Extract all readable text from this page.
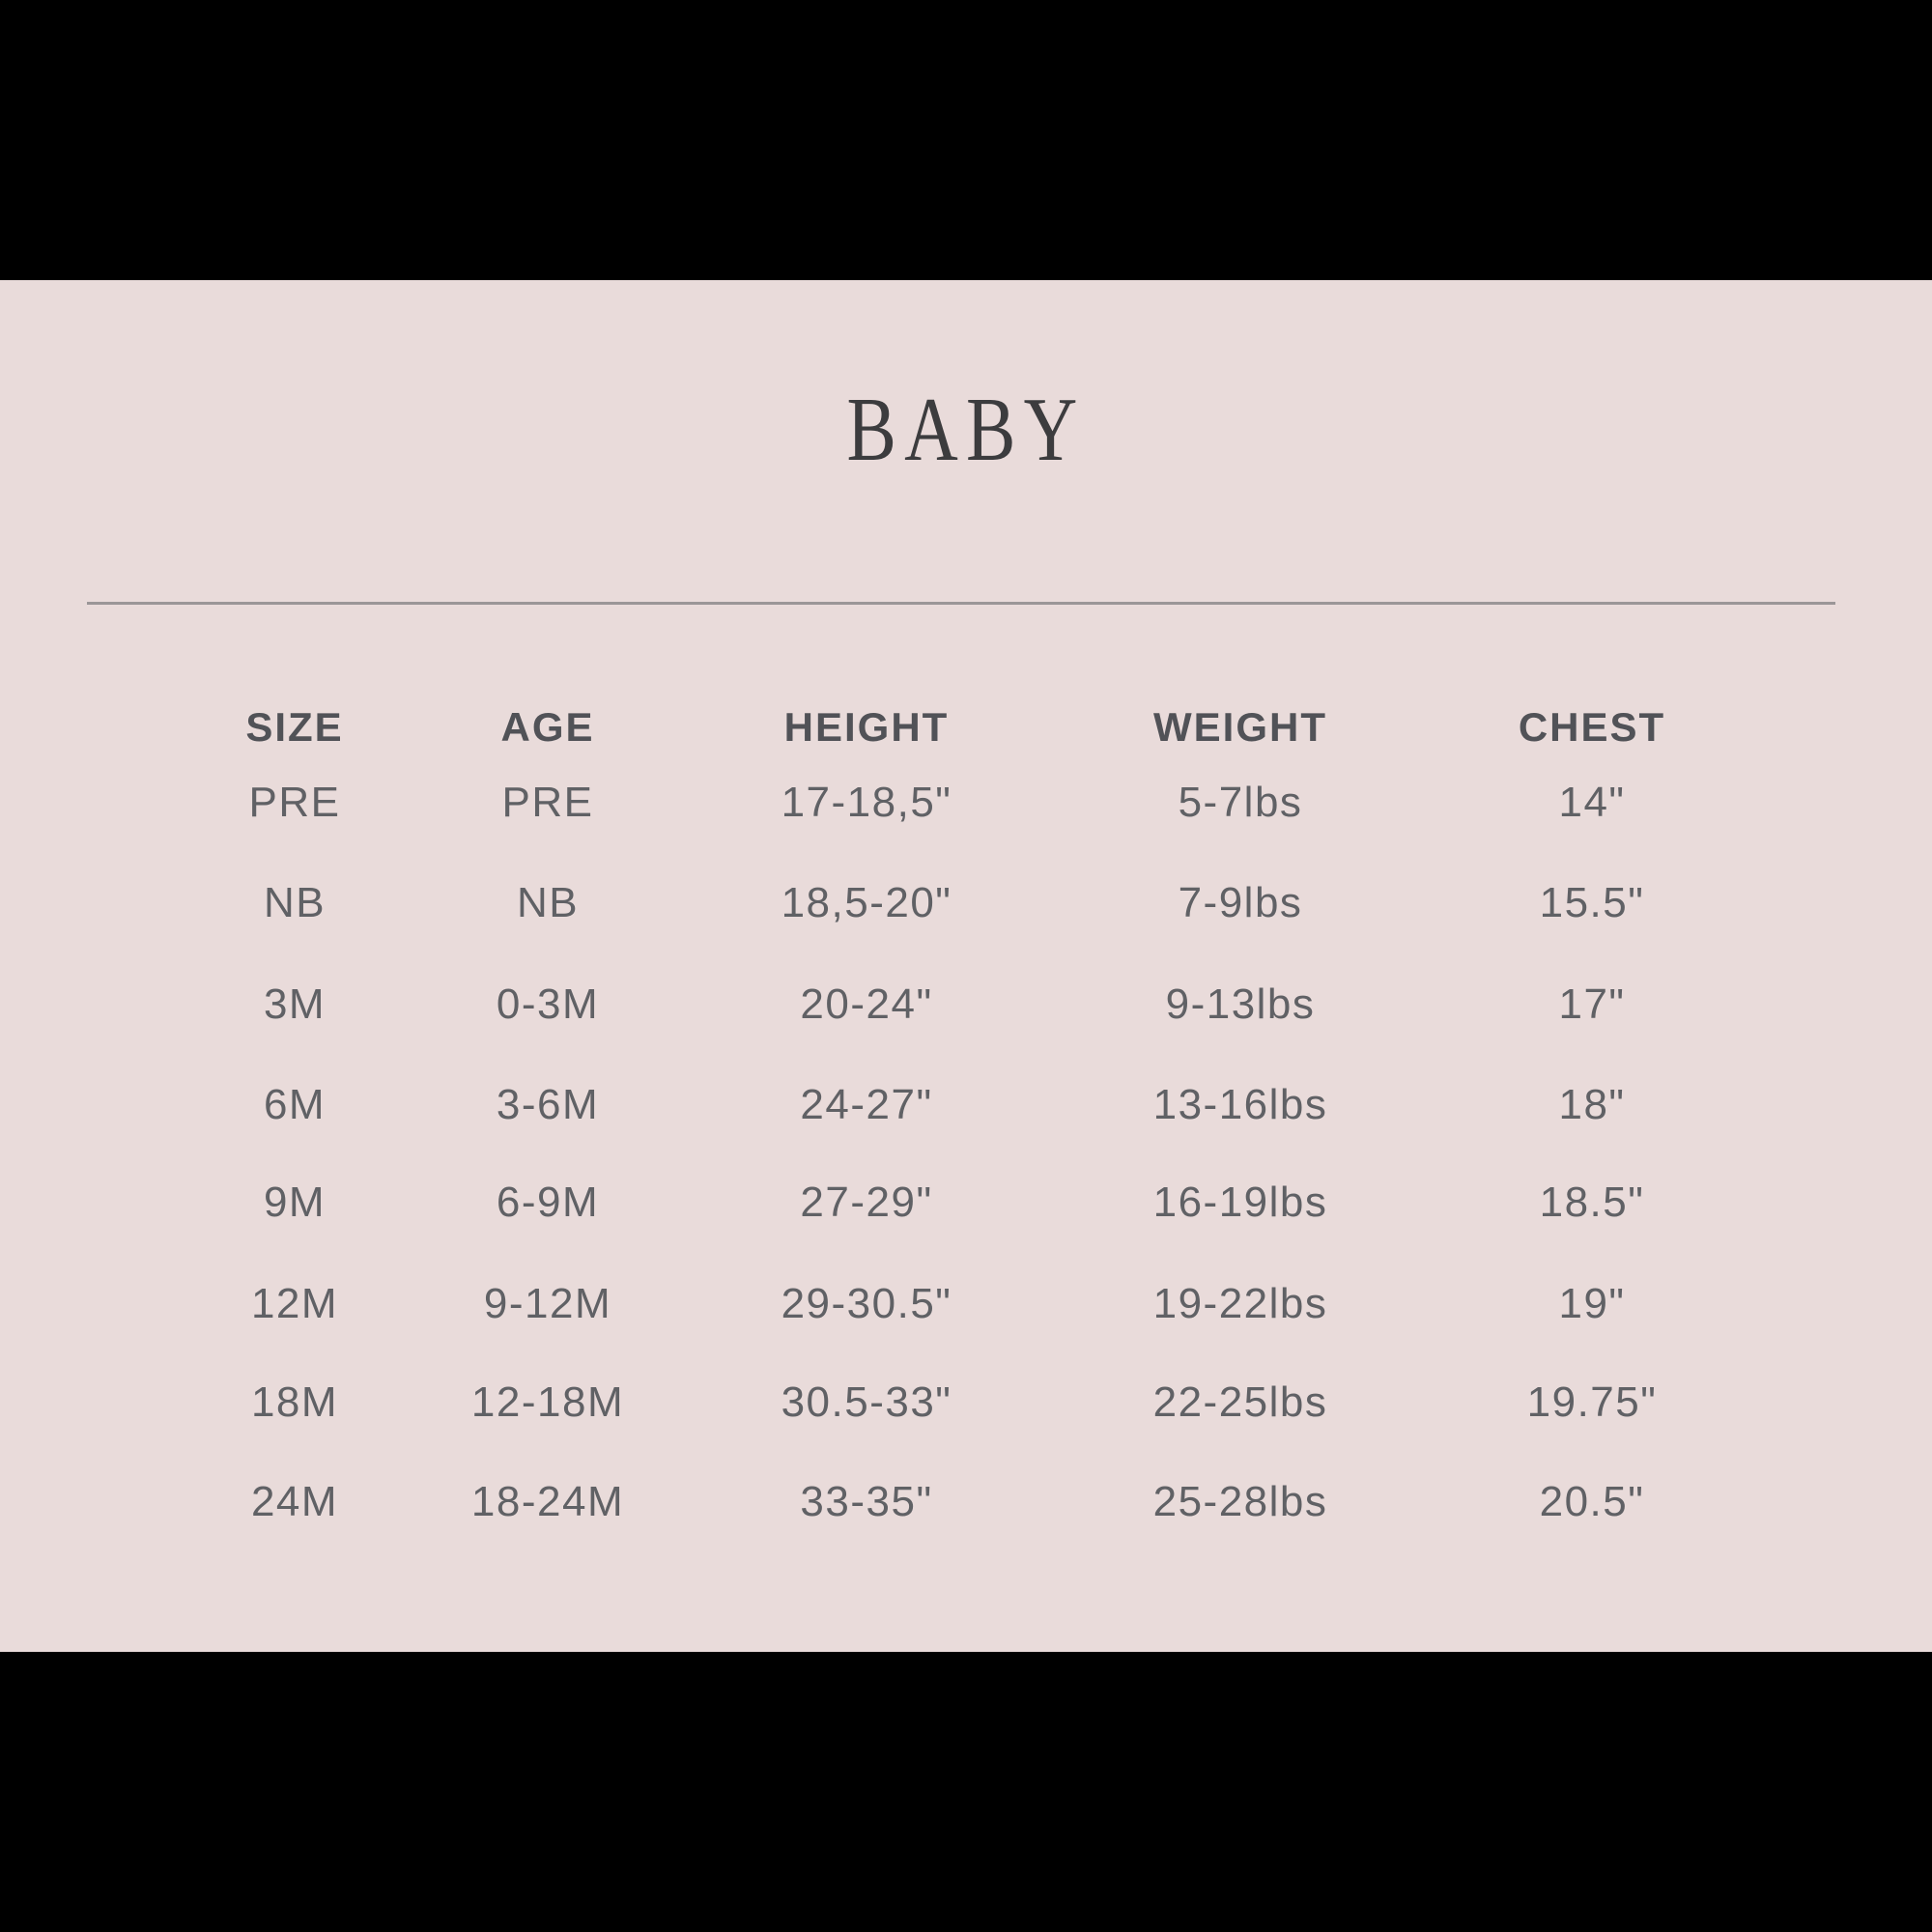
BABY
SIZE	AGE	HEIGHT	WEIGHT	CHEST
PRE	PRE	17-18,5"	5-7lbs	14"
NB	NB	18,5-20"	7-9lbs	15.5"
3M	0-3M	20-24"	9-13lbs	17"
6M	3-6M	24-27"	13-16lbs	18"
9M	6-9M	27-29"	16-19lbs	18.5"
12M	9-12M	29-30.5"	19-22lbs	19"
18M	12-18M	30.5-33"	22-25lbs	19.75"
24M	18-24M	33-35"	25-28lbs	20.5"
